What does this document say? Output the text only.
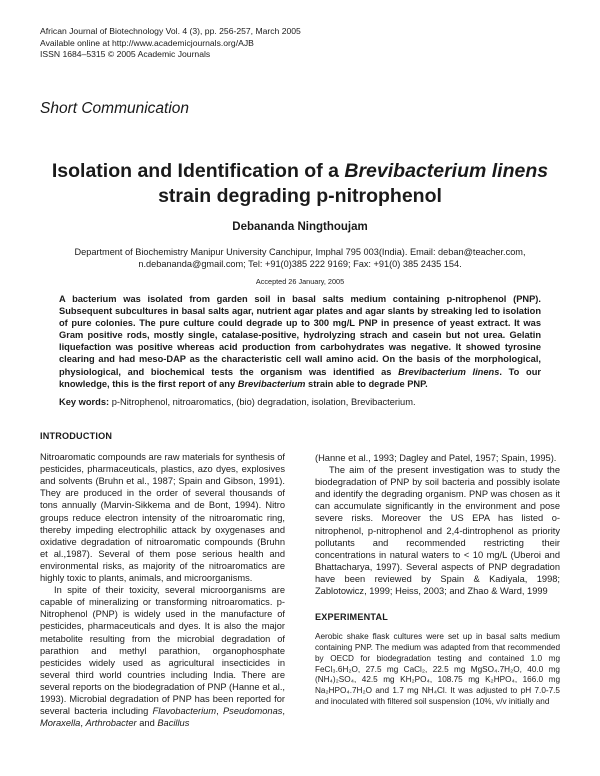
African Journal of Biotechnology Vol. 4 (3), pp. 256-257, March 2005
Available online at http://www.academicjournals.org/AJB
ISSN 1684–5315 © 2005 Academic Journals
Short Communication
Isolation and Identification of a Brevibacterium linens
strain degrading p-nitrophenol
Debananda Ningthoujam
Department of Biochemistry Manipur University Canchipur, Imphal 795 003(India). Email: deban@teacher.com,
n.debananda@gmail.com; Tel: +91(0)385 222 9169; Fax: +91(0) 385 2435 154.
Accepted 26 January, 2005
A bacterium was isolated from garden soil in basal salts medium containing p-nitrophenol (PNP). Subsequent subcultures in basal salts agar, nutrient agar plates and agar slants by streaking led to isolation of pure colonies. The pure culture could degrade up to 300 mg/L PNP in presence of yeast extract. It was Gram positive rods, mostly single, catalase-positive, hydrolyzing strach and casein but not urea. Gelatin liquefaction was positive whereas acid production from carbohydrates was negative. It showed tyrosine clearing and had meso-DAP as the characteristic cell wall amino acid. On the basis of the morphological, physiological, and biochemical tests the organism was identified as Brevibacterium linens. To our knowledge, this is the first report of any Brevibacterium strain able to degrade PNP.
Key words: p-Nitrophenol, nitroaromatics, (bio) degradation, isolation, Brevibacterium.

INTRODUCTION

Nitroaromatic compounds are raw materials for synthesis of pesticides, pharmaceuticals, plastics, azo dyes, explosives and solvents (Bruhn et al., 1987; Spain and Gibson, 1991). They are produced in the order of several thousands of tons annually (Marvin-Sikkema and de Bont, 1994). Nitro groups reduce electron intensity of the nitroaromatic ring, thereby impeding electrophilic attack by oxygenases and oxidative degradation of nitroaromatic compounds (Bruhn et al.,1987). Several of them pose serious health and environmental risks, as majority of the nitroaromatics are highly toxic to plants, animals, and microorganisms.

In spite of their toxicity, several microorganisms are capable of mineralizing or transforming nitroaromatics. p-Nitrophenol (PNP) is widely used in the manufacture of pesticides, pharmaceuticals and dyes. It is also the major metabolite resulting from the microbial degradation of parathion and methyl parathion, organophosphate pesticides widely used as agricultural insecticides in several third world countries including India. There are several reports on the biodegradation of PNP (Hanne et al., 1993). Microbial degradation of PNP has been reported for several bacteria including Flavobacterium, Pseudomonas, Moraxella, Arthrobacter and Bacillus

(Hanne et al., 1993; Dagley and Patel, 1957; Spain, 1995).

The aim of the present investigation was to study the biodegradation of PNP by soil bacteria and possibly isolate and identify the degrading organism. PNP was chosen as it can accumulate significantly in the environment and pose severe risks. Moreover the US EPA has listed o-nitrophenol, p-nitrophenol and 2,4-dintrophenol as priority pollutants and recommended restricting their concentrations in natural waters to < 10 mg/L (Uberoi and Bhattacharya, 1997). Several aspects of PNP degradation have been reviewed by Spain & Kadiyala, 1998; Zablotowicz, 1999; Heiss, 2003; and Zhao & Ward, 1999

EXPERIMENTAL

Aerobic shake flask cultures were set up in basal salts medium containing PNP. The medium was adapted from that recommended by OECD for biodegradation testing and contained 1.0 mg FeCl₃.6H₂O, 27.5 mg CaCl₂, 22.5 mg MgSO₄.7H₂O, 40.0 mg (NH₄)₂SO₄, 42.5 mg KH₂PO₄, 108.75 mg K₂HPO₄, 166.0 mg Na₂HPO₄.7H₂O and 1.7 mg NH₄Cl. It was adjusted to pH 7.0-7.5 and inoculated with filtered soil suspension (10%, v/v initially and
